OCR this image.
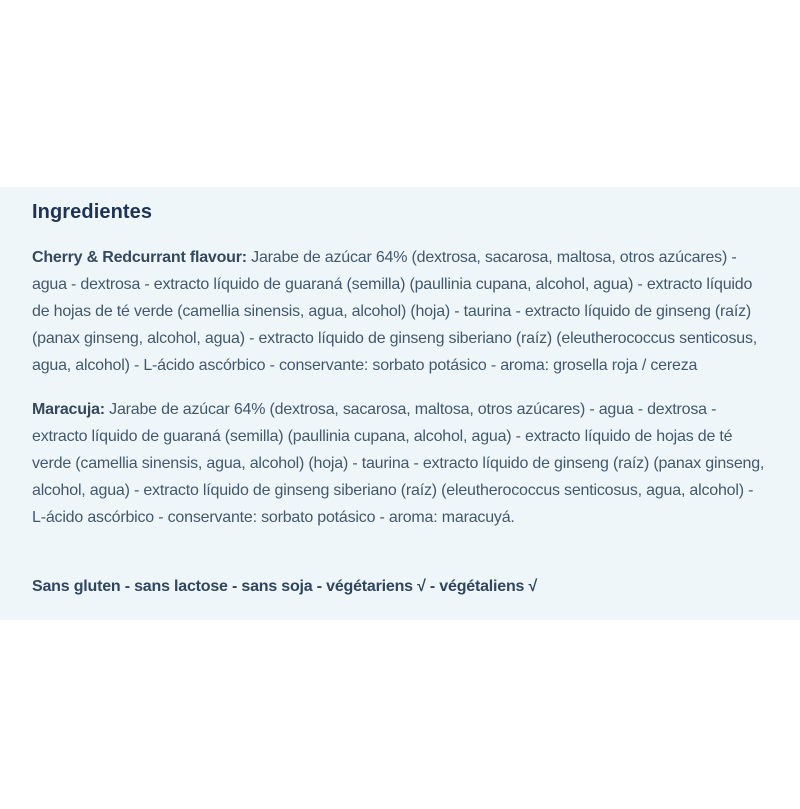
Ingredientes

Cherry & Redcurrant flavour: Jarabe de azúcar 64% (dextrosa, sacarosa, maltosa, otros azúcares) - agua - dextrosa - extracto líquido de guaraná (semilla) (paullinia cupana, alcohol, agua) - extracto líquido de hojas de té verde (camellia sinensis, agua, alcohol) (hoja) - taurina - extracto líquido de ginseng (raíz) (panax ginseng, alcohol, agua) - extracto líquido de ginseng siberiano (raíz) (eleutherococcus senticosus, agua, alcohol) - L-ácido ascórbico - conservante: sorbato potásico - aroma: grosella roja / cereza

Maracuja: Jarabe de azúcar 64% (dextrosa, sacarosa, maltosa, otros azúcares) - agua - dextrosa - extracto líquido de guaraná (semilla) (paullinia cupana, alcohol, agua) - extracto líquido de hojas de té verde (camellia sinensis, agua, alcohol) (hoja) - taurina - extracto líquido de ginseng (raíz) (panax ginseng, alcohol, agua) - extracto líquido de ginseng siberiano (raíz) (eleutherococcus senticosus, agua, alcohol) - L-ácido ascórbico - conservante: sorbato potásico - aroma: maracuyá.

Sans gluten - sans lactose - sans soja - végétariens √ - végétaliens √
